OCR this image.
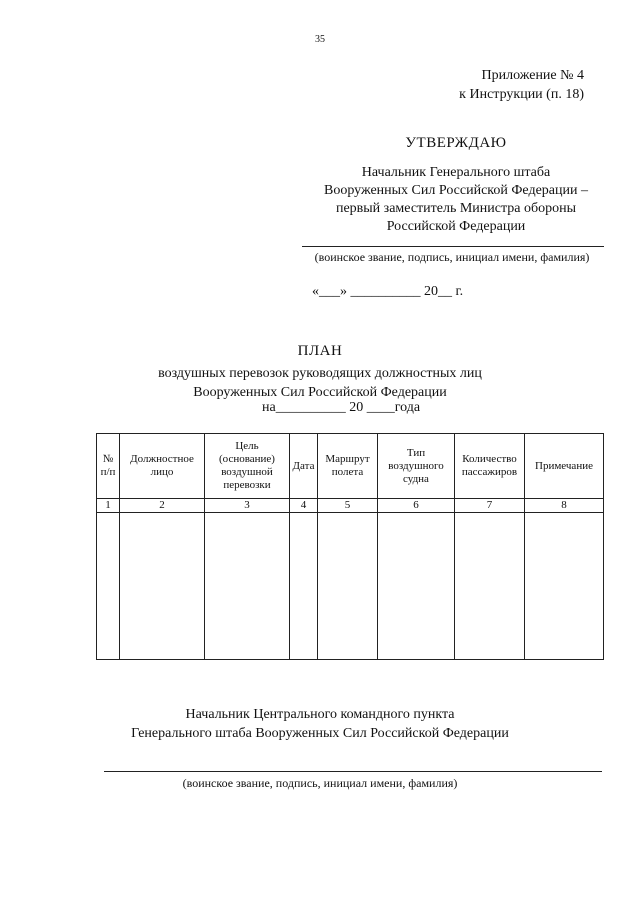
35
Приложение № 4
к Инструкции (п. 18)
УТВЕРЖДАЮ
Начальник Генерального штаба
Вооруженных Сил Российской Федерации –
первый заместитель Министра обороны
Российской Федерации
(воинское звание, подпись, инициал имени, фамилия)
«___» __________ 20__ г.
ПЛАН
воздушных перевозок руководящих должностных лиц
Вооруженных Сил Российской Федерации
на__________ 20 ____года
№ п/п	Должностное лицо	Цель (основание) воздушной перевозки	Дата	Маршрут полета	Тип воздушного судна	Количество пассажиров	Примечание
1	2	3	4	5	6	7	8

Начальник Центрального командного пункта
Генерального штаба Вооруженных Сил Российской Федерации
(воинское звание, подпись, инициал имени, фамилия)
